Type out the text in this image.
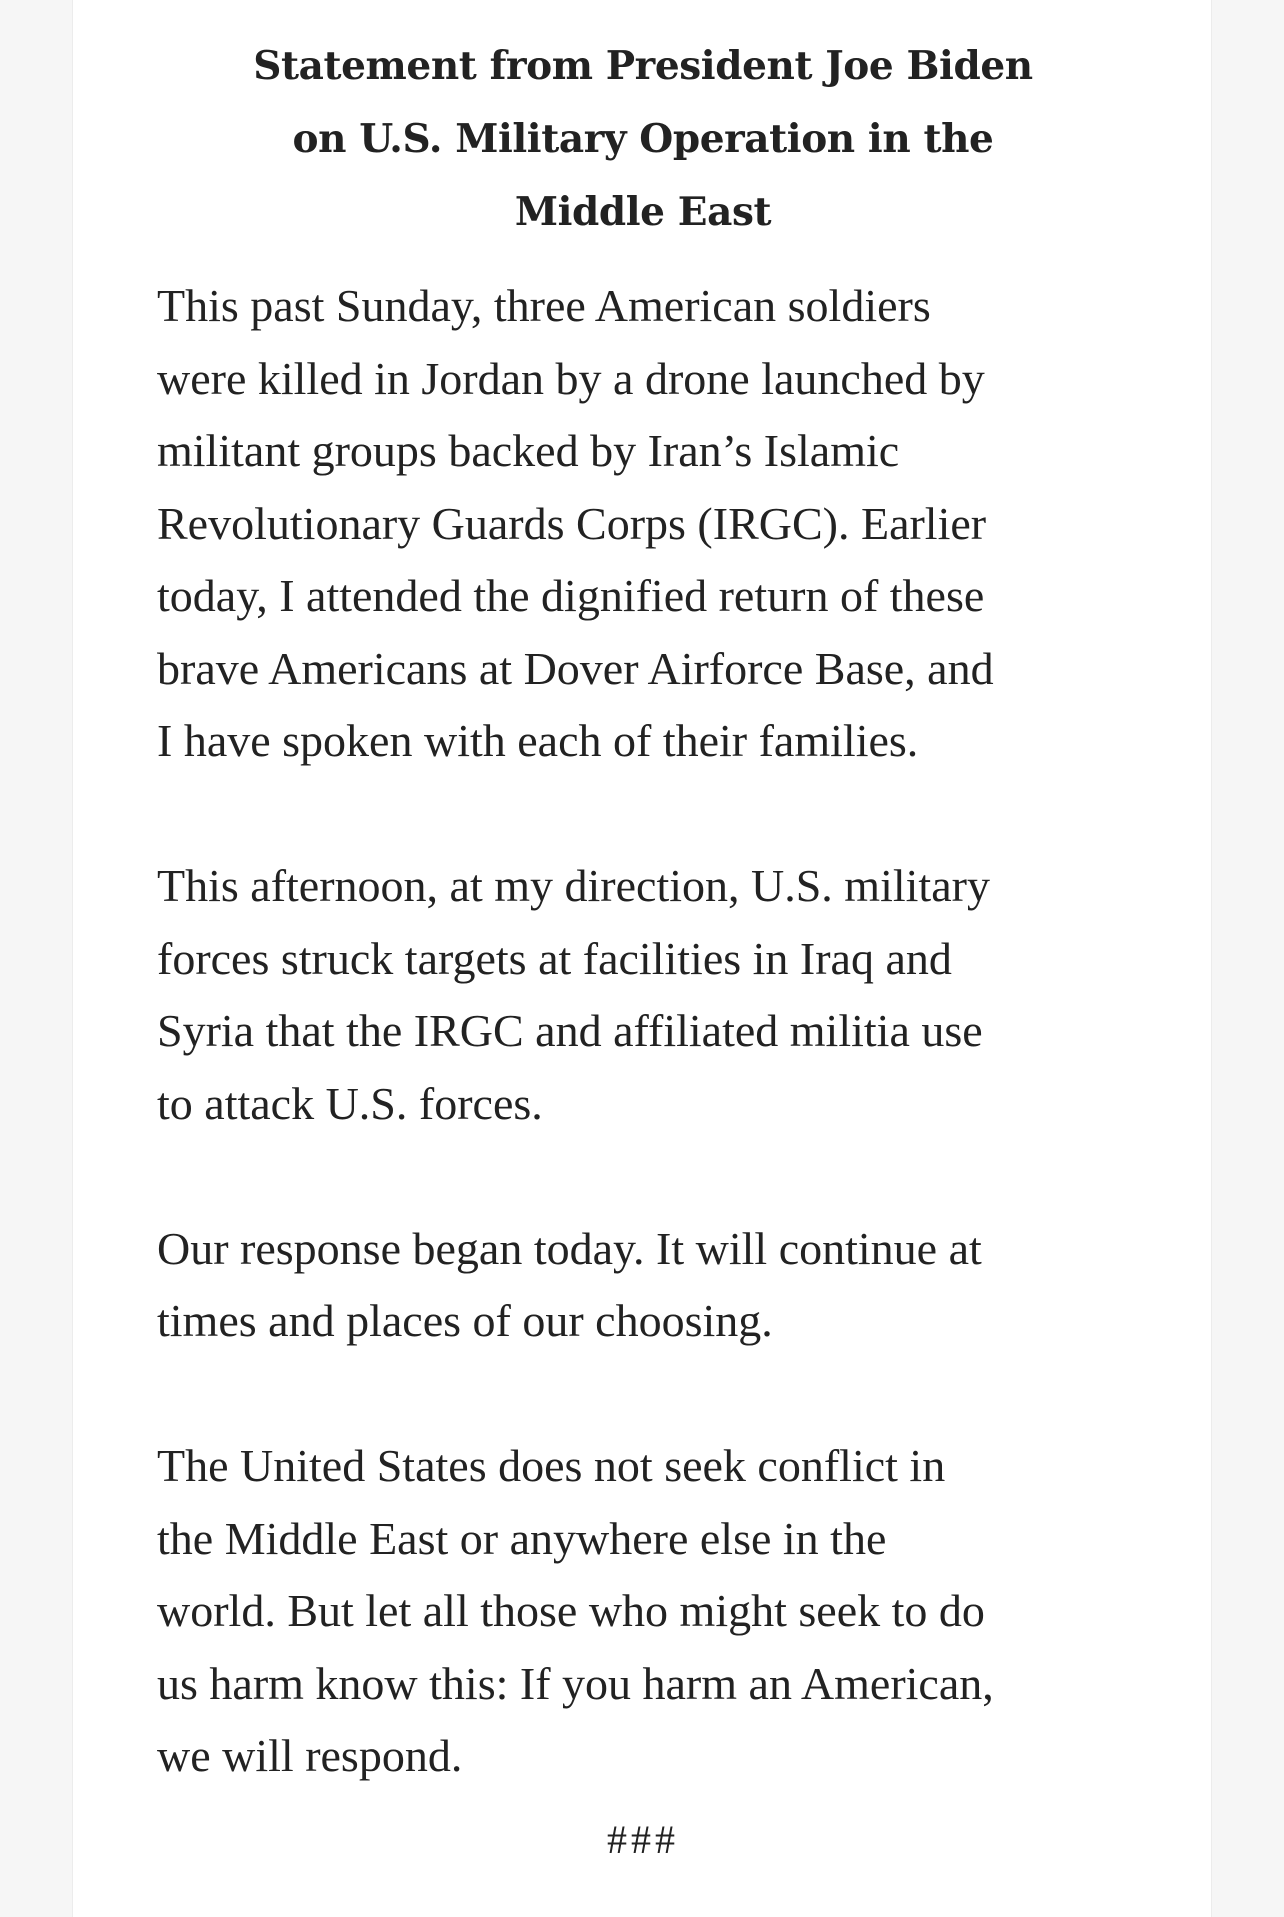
Statement from President Joe Biden
on U.S. Military Operation in the
Middle East

This past Sunday, three American soldiers
were killed in Jordan by a drone launched by
militant groups backed by Iran’s Islamic
Revolutionary Guards Corps (IRGC). Earlier
today, I attended the dignified return of these
brave Americans at Dover Airforce Base, and
I have spoken with each of their families.

This afternoon, at my direction, U.S. military
forces struck targets at facilities in Iraq and
Syria that the IRGC and affiliated militia use
to attack U.S. forces.

Our response began today. It will continue at
times and places of our choosing.

The United States does not seek conflict in
the Middle East or anywhere else in the
world. But let all those who might seek to do
us harm know this: If you harm an American,
we will respond.

###
